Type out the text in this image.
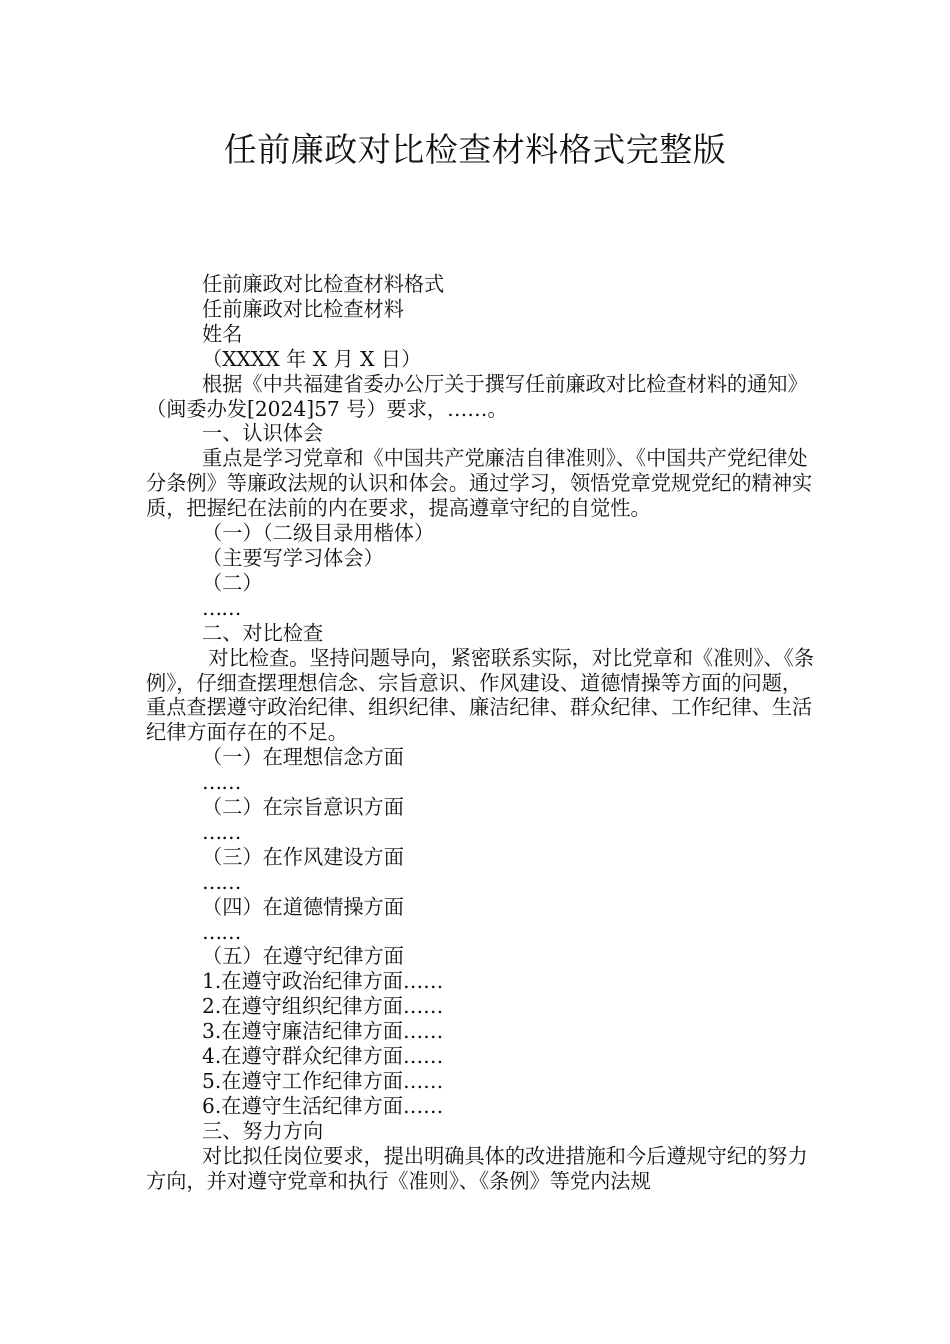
任前廉政对比检查材料格式完整版

任前廉政对比检查材料格式

任前廉政对比检查材料

姓名

（XXXX 年 X 月 X 日）

根据《中共福建省委办公厅关于撰写任前廉政对比检查材料的通知》（闽委办发[2024]57 号）要求，……。

一、认识体会

重点是学习党章和《中国共产党廉洁自律准则》、《中国共产党纪律处分条例》等廉政法规的认识和体会。通过学习，领悟党章党规党纪的精神实质，把握纪在法前的内在要求，提高遵章守纪的自觉性。

（一）（二级目录用楷体）

（主要写学习体会）

（二）

……

二、对比检查

对比检查。坚持问题导向，紧密联系实际，对比党章和《准则》、《条例》，仔细查摆理想信念、宗旨意识、作风建设、道德情操等方面的问题，重点查摆遵守政治纪律、组织纪律、廉洁纪律、群众纪律、工作纪律、生活纪律方面存在的不足。

（一）在理想信念方面

……

（二）在宗旨意识方面

……

（三）在作风建设方面

……

（四）在道德情操方面

……

（五）在遵守纪律方面

1.在遵守政治纪律方面……

2.在遵守组织纪律方面……

3.在遵守廉洁纪律方面……

4.在遵守群众纪律方面……

5.在遵守工作纪律方面……

6.在遵守生活纪律方面……

三、努力方向

对比拟任岗位要求，提出明确具体的改进措施和今后遵规守纪的努力方向，并对遵守党章和执行《准则》、《条例》等党内法规
